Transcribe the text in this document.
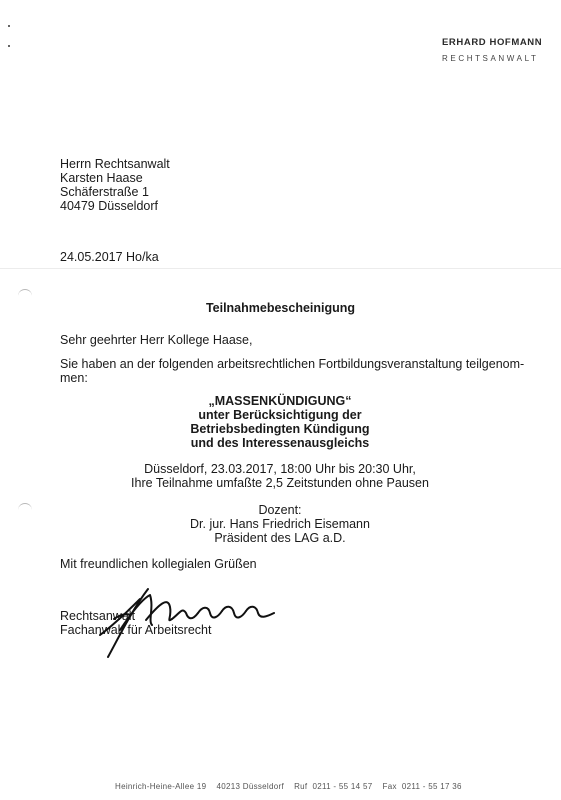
ERHARD HOFMANN
RECHTSANWALT
Herrn Rechtsanwalt
Karsten Haase
Schäferstraße 1
40479 Düsseldorf
24.05.2017 Ho/ka
Teilnahmebescheinigung
Sehr geehrter Herr Kollege Haase,
Sie haben an der folgenden arbeitsrechtlichen Fortbildungsveranstaltung teilgenom-
men:
„MASSENKÜNDIGUNG“
unter Berücksichtigung der
Betriebsbedingten Kündigung
und des Interessenausgleichs
Düsseldorf, 23.03.2017, 18:00 Uhr bis 20:30 Uhr,
Ihre Teilnahme umfaßte 2,5 Zeitstunden ohne Pausen
Dozent:
Dr. jur. Hans Friedrich Eisemann
Präsident des LAG a.D.
Mit freundlichen kollegialen Grüßen
Rechtsanwalt
Fachanwalt für Arbeitsrecht
Heinrich-Heine-Allee 19 40213 Düsseldorf Ruf  0211 - 55 14 57 Fax  0211 - 55 17 36
